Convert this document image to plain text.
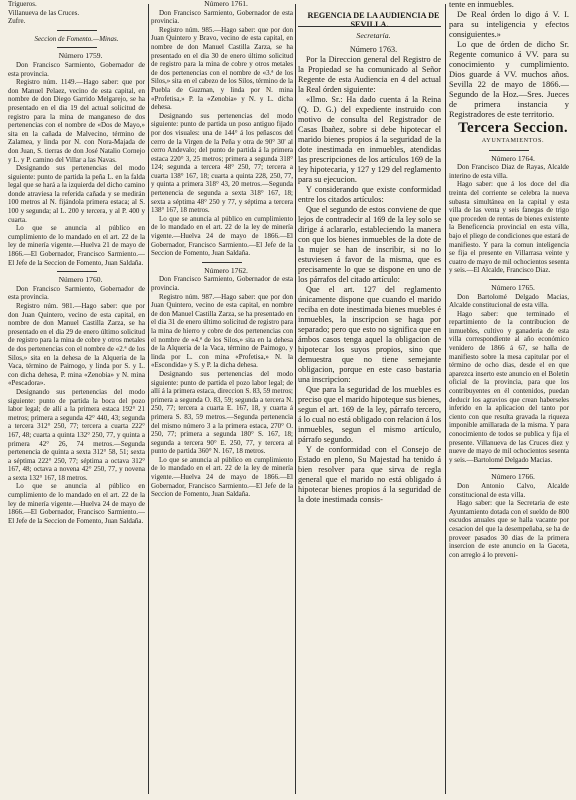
Trigueros.

Villanueva de las Cruces.

Zufre.

Seccion de Fomento.—Minas.

Número 1759.

Don Francisco Sarmiento, Gobernador de esta provincia.

Registro núm. 1149.—Hago saber: que por don Manuel Pelaez, vecino de esta capital, en nombre de don Diego Garrido Melgarejo, se ha presentado en el dia 19 del actual solicitud de registro para la mina de manganeso de dos pertenencias con el nombre de «Dos de Mayo,» sita en la cañada de Malvecino, término de Zalamea, y linda por N. con Nora-Majada de don Juan, S. tierras de don José Natalio Cornejo y L. y P. camino del Villar a las Navas.

Designando sus pertenencias del modo siguiente: punto de partida la peña L. en la falda legal que se hará a la izquierda del dicho camino donde atraviesa la referida cañada y se medirán 100 metros al N. fijándola primera estaca; al S. 100 y segunda; al L. 200 y tercera, y al P. 400 y cuarta.

Lo que se anuncia al público en cumplimiento de lo mandado en el art. 22 de la ley de minería vigente.—Huelva 21 de mayo de 1866.—El Gobernador, Francisco Sarmiento.—El Jefe de la Seccion de Fomento, Juan Saldaña.

Número 1760.

Don Francisco Sarmiento, Gobernador de esta provincia.

Registro núm. 981.—Hago saber: que por don Juan Quintero, vecino de esta capital, en nombre de don Manuel Castilla Zarza, se ha presentado en el dia 29 de enero último solicitud de registro para la mina de cobre y otros metales de dos pertenencias con el nombre de «2.ª de los Silos,» sita en la dehesa de la Alqueria de la Vaca, término de Paimogo, y linda por S. y L. con dicha dehesa, P. mina «Zenobia» y N. mina «Pescadora».

Designando sus pertenencias del modo siguiente: punto de partida la boca del pozo labor legal; de allí a la primera estaca 192° 21 metros; primera a segunda 42° 440, 43; segunda a tercera 312° 250, 77; tercera a cuarta 222° 167, 48; cuarta a quinta 132° 250, 77, y quinta a primera 42° 26, 74 metros.—Segunda pertenencia de quinta a sexta 312° 58, 51; sexta a séptima 222° 250, 77; séptima a octava 312° 167, 48; octava a novena 42° 250, 77, y novena a sexta 132° 167, 18 metros.

Lo que se anuncia al público en cumplimiento de lo mandado en el art. 22 de la ley de minería vigente.—Huelva 24 de mayo de 1866.—El Gobernador, Francisco Sarmiento.—El Jefe de la Seccion de Fomento, Juan Saldaña.

Número 1761.

Don Francisco Sarmiento, Gobernador de esta provincia.

Registro núm. 985.—Hago saber: que por don Juan Quintero y Bravo, vecino de esta capital, en nombre de don Manuel Castilla Zarza, se ha presentado en el dia 30 de enero último solicitud de registro para la mina de cobre y otros metales de dos pertenencias con el nombre de «3.ª de los Silos,» sita en el cabezo de los Silos, término de la Puebla de Guzman, y linda por N. mina «Profetisa,» P. la «Zenobia» y N. y L. dicha dehesa.

Designando sus pertenencias del modo siguiente: punto de partida un poso antiguo fijado por dos visuales: una de 144° á los peñascos del cerro de la Virgen de la Peña y otra de 90° 30' al cerro Andevalo; del punto de partida á la primera estaca 220° 3, 25 metros; primera a segunda 318° 124; segunda a tercera 48° 250, 77; tercera a cuarta 138° 167, 18; cuarta a quinta 228, 250, 77, y quinta a primera 318° 43, 20 metros.—Segunda pertenencia de segunda a sexta 318° 167, 18; sexta a séptima 48° 250 y 77, y séptima a tercera 138° 167, 18 metros.

Lo que se anuncia al público en cumplimiento de lo mandado en el art. 22 de la ley de minería vigente.—Huelva 24 de mayo de 1866.—El Gobernador, Francisco Sarmiento.—El Jefe de la Seccion de Fomento, Juan Saldaña.

Número 1762.

Don Francisco Sarmiento, Gobernador de esta provincia.

Registro núm. 987.—Hago saber: que por don Juan Quintero, vecino de esta capital, en nombre de don Manuel Castilla Zarza, se ha presentado en el dia 31 de enero último solicitud de registro para la mina de hierro y cobre de dos pertenencias con el nombre de «4.ª de los Silos,» sita en la dehesa de la Alqueria de la Vaca, término de Paimogo, y linda por L. con mina «Profetisa,» N. la «Escondida» y S. y P. la dicha dehesa.

Designando sus pertenencias del modo siguiente: punto de partida el pozo labor legal; de allí á la primera estaca, direccion S. 83, 59 metros; primera a segunda O. 83, 59; segunda a tercera N. 250, 77; tercera a cuarta E. 167, 18, y cuarta á primera S. 83, 59 metros.—Segunda pertenencia del mismo número 3 a la primera estaca, 270° O. 250, 77; primera a segunda 180° S. 167, 18; segunda a tercera 90° E. 250, 77, y tercera al punto de partida 360° N. 167, 18 metros.

Lo que se anuncia al público en cumplimiento de lo mandado en el art. 22 de la ley de minería vigente.—Huelva 24 de mayo de 1866.—El Gobernador, Francisco Sarmiento.—El Jefe de la Seccion de Fomento, Juan Saldaña.

REGENCIA DE LA AUDIENCIA DE SEVILLA.

Secretaría.

Número 1763.

Por la Direccion general del Registro de la Propiedad se ha comunicado al Señor Regente de esta Audiencia en 4 del actual la Real órden siguiente:

«Ilmo. Sr.: Ha dado cuenta á la Reina (Q. D. G.) del expediente instruido con motivo de consulta del Registrador de Casas Ibañez, sobre si debe hipotecar el marido bienes propios á la seguridad de la dote inestimada en inmuebles, atendidas las prescripciones de los artículos 169 de la ley hipotecaria, y 127 y 129 del reglamento para su ejecucion.

Y considerando que existe conformidad entre los citados artículos:

Que el segundo de estos conviene de que lejos de contradecir al 169 de la ley solo se dirige á aclararlo, estableciendo la manera con que los bienes inmuebles de la dote de la mujer se han de inscribir, si no lo estuviesen á favor de la misma, que es precisamente lo que se dispone en uno de los párrafos del citado artículo:

Que el art. 127 del reglamento únicamente dispone que cuando el marido reciba en dote inestimada bienes muebles é inmuebles, la inscripcion se haga por separado; pero que esto no significa que en ámbos casos tenga aquel la obligacion de hipotecar los suyos propios, sino que demuestra que no tiene semejante obligacion, porque en este caso bastaria una inscripcion:

Que para la seguridad de los muebles es preciso que el marido hipoteque sus bienes, segun el art. 169 de la ley, párrafo tercero, á lo cual no está obligado con relacion á los inmuebles, segun el mismo artículo, párrafo segundo.

Y de conformidad con el Consejo de Estado en pleno, Su Majestad ha tenido á bien resolver para que sirva de regla general que el marido no está obligado á hipotecar bienes propios á la seguridad de la dote inestimada consis-

tente en inmuebles.

De Real órden lo digo á V. I. para su inteligencia y efectos consiguientes.»

Lo que de órden de dicho Sr. Regente comunico á VV. para su conocimiento y cumplimiento. Dios guarde á VV. muchos años. Sevilla 22 de mayo de 1866.—Segundo de la Hoz.—Sres. Jueces de primera instancia y Registradores de este territorio.

Tercera Seccion.

AYUNTAMIENTOS.

Número 1764.

Don Francisco Diaz de Rayas, Alcalde interino de esta villa.

Hago saber: que á los doce del dia treinta del corriente se celebra la nueva subasta simultánea en la capital y esta villa de las venta y seis fanegas de trigo que proceden de rentas de bienes existente la Beneficencia provincial en esta villa, bajo el pliego de condiciones que estará de manifiesto. Y para la comun inteligencia se fija el presente en Villarrasa veinte y cuatro de mayo de mil ochocientos sesenta y seis.—El Alcalde, Francisco Diaz.

Número 1765.

Don Bartolomé Delgado Macias, Alcalde constitucional de esta villa.

Hago saber: que terminado el repartimiento de la contribucion de inmuebles, cultivo y ganaderia de esta villa correspondiente al año económico venidero de 1866 á 67, se halla de manifiesto sobre la mesa capitular por el término de ocho dias, desde el en que aparezca inserto este anuncio en el Boletin oficial de la provincia, para que los contribuyentes en él contenidos, puedan deducir los agravios que crean haberseles inferido en la aplicacion del tanto por ciento con que resulta gravada la riqueza imponible amillarada de la misma. Y para conocimiento de todos se publica y fija el presente. Villanueva de las Cruces diez y nueve de mayo de mil ochocientos sesenta y seis.—Bartolomé Delgado Macias.

Número 1766.

Don Antonio Calvo, Alcalde constitucional de esta villa.

Hago saber: que la Secretaria de este Ayuntamiento dotada con el sueldo de 800 escudos anuales que se halla vacante por cesacion del que la desempeñaba, se ha de proveer pasados 30 dias de la primera insercion de este anuncio en la Gaceta, con arreglo á lo preveni-
